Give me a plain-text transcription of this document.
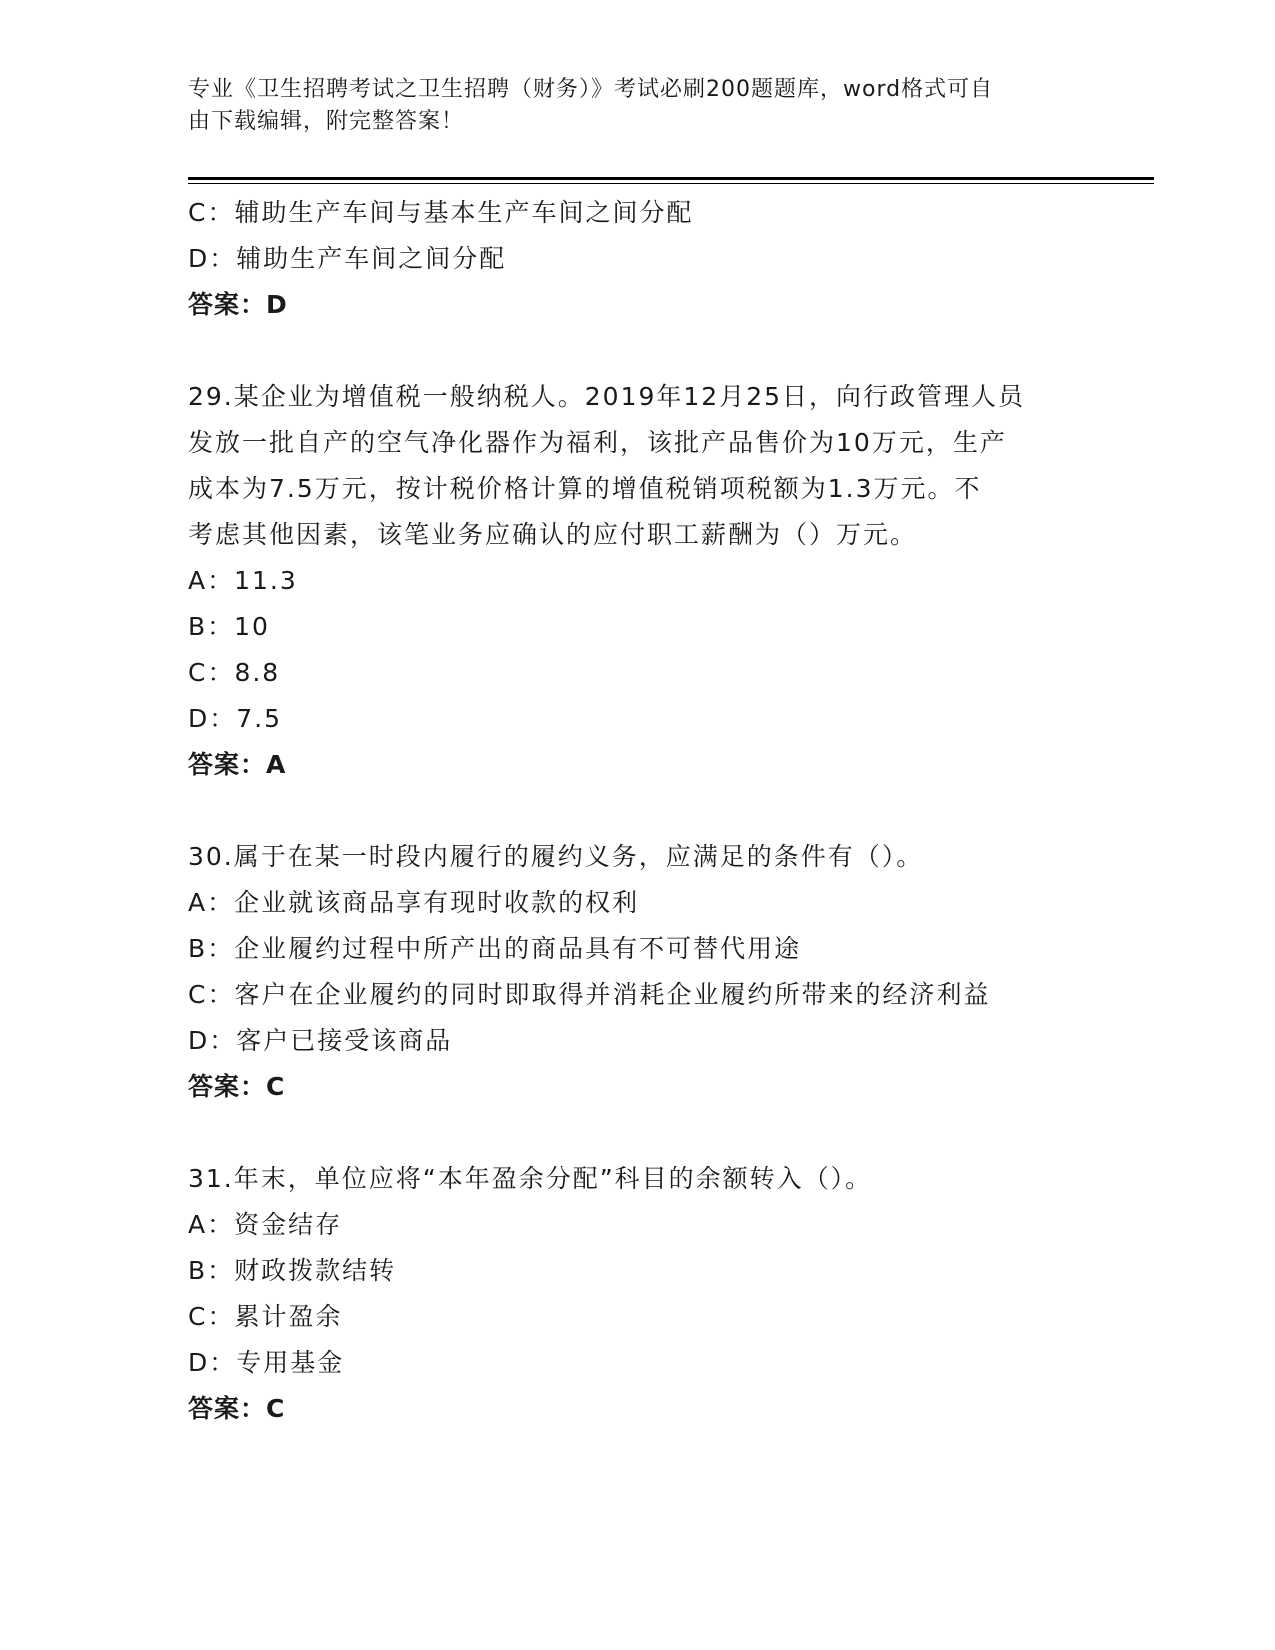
专业《卫生招聘考试之卫生招聘（财务）》考试必刷200题题库，word格式可自
由下载编辑，附完整答案！
C：辅助生产车间与基本生产车间之间分配
D：辅助生产车间之间分配
答案：D
29.某企业为增值税一般纳税人。2019年12月25日，向行政管理人员
发放一批自产的空气净化器作为福利，该批产品售价为10万元，生产
成本为7.5万元，按计税价格计算的增值税销项税额为1.3万元。不
考虑其他因素，该笔业务应确认的应付职工薪酬为（）万元。
A：11.3
B：10
C：8.8
D：7.5
答案：A
30.属于在某一时段内履行的履约义务，应满足的条件有（）。
A：企业就该商品享有现时收款的权利
B：企业履约过程中所产出的商品具有不可替代用途
C：客户在企业履约的同时即取得并消耗企业履约所带来的经济利益
D：客户已接受该商品
答案：C
31.年末，单位应将“本年盈余分配”科目的余额转入（）。
A：资金结存
B：财政拨款结转
C：累计盈余
D：专用基金
答案：C
